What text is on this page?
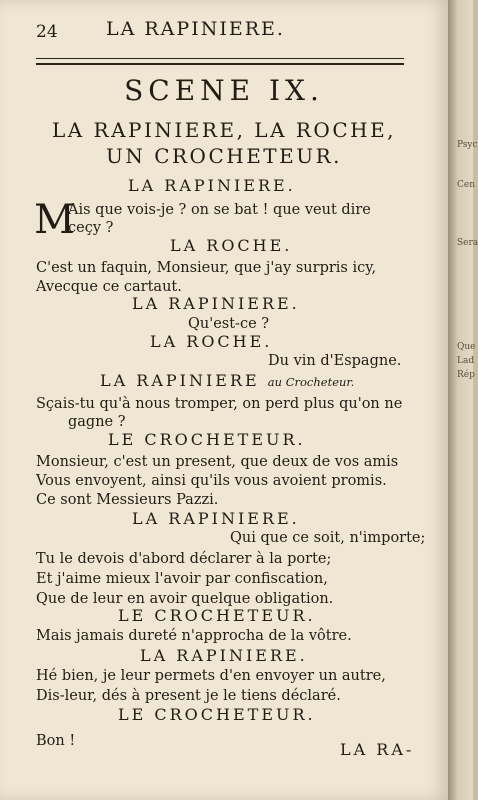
24	LA RAPINIERE.
SCENE IX.
LA RAPINIERE, LA ROCHE,
UN CROCHETEUR.
LA RAPINIERE.
M
Ais que vois-je ? on se bat ! que veut dire
ceçy ?
LA ROCHE.
C'est un faquin, Monsieur, que j'ay surpris icy,
Avecque ce cartaut.
LA RAPINIERE.
Qu'est-ce ?
LA ROCHE.
Du vin d'Espagne.
LA RAPINIERE au Crocheteur.
Sçais-tu qu'à nous tromper, on perd plus qu'on ne
gagne ?
LE CROCHETEUR.
Monsieur, c'est un present, que deux de vos amis
Vous envoyent, ainsi qu'ils vous avoient promis.
Ce sont Messieurs Pazzi.
LA RAPINIERE.
Qui que ce soit, n'importe;
Tu le devois d'abord déclarer à la porte;
Et j'aime mieux l'avoir par confiscation,
Que de leur en avoir quelque obligation.
LE CROCHETEUR.
Mais jamais dureté n'approcha de la vôtre.
LA RAPINIERE.
Hé bien, je leur permets d'en envoyer un autre,
Dis-leur, dés à present je le tiens déclaré.
LE CROCHETEUR.
Bon !	LA RA-
Psyc
Cen
Sera
Que
Lad
Rép
